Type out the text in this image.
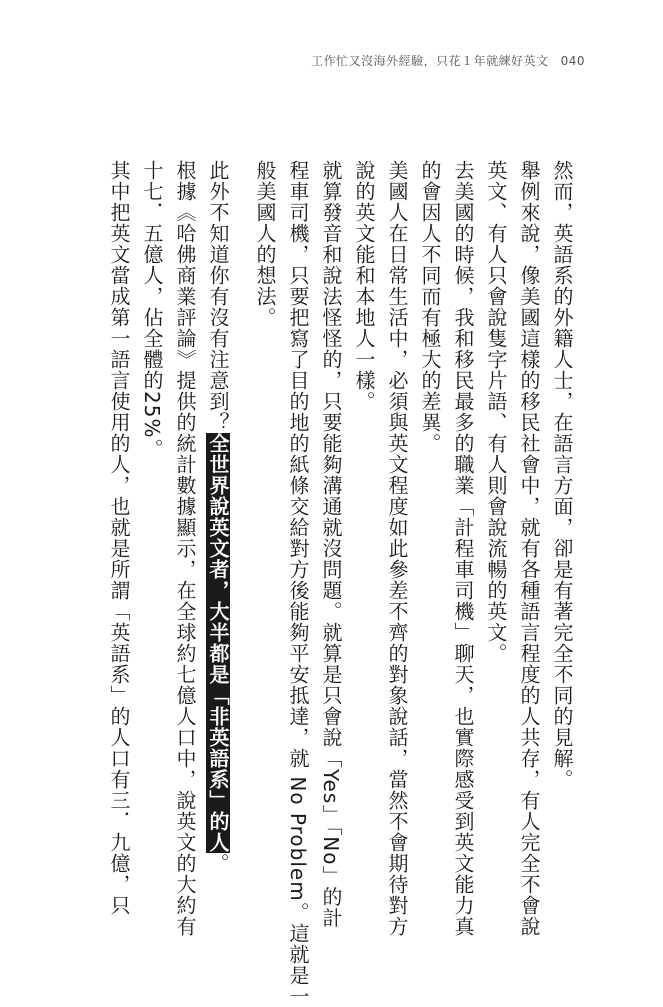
工作忙又沒海外經驗，只花１年就練好英文 040
然而，英語系的外籍人士，在語言方面，卻是有著完全不同的見解。
舉例來說，像美國這樣的移民社會中，就有各種語言程度的人共存，有人完全不會說
英文、有人只會說隻字片語、有人則會說流暢的英文。
去美國的時候，我和移民最多的職業「計程車司機」聊天，也實際感受到英文能力真
的會因人不同而有極大的差異。
美國人在日常生活中，必須與英文程度如此參差不齊的對象說話，當然不會期待對方
說的英文能和本地人一樣。
就算發音和說法怪怪的，只要能夠溝通就沒問題。就算是只會說「Yes」「No」的計
程車司機，只要把寫了目的地的紙條交給對方後能夠平安抵達，就 No Problem。這就是一
般美國人的想法。
此外不知道你有沒有注意到？全世界說英文者，大半都是「非英語系」的人。
根據《哈佛商業評論》提供的統計數據顯示，在全球約七億人口中，說英文的大約有
十七．五億人，佔全體的25%。
其中把英文當成第一語言使用的人，也就是所謂「英語系」的人口有三．九億，只
